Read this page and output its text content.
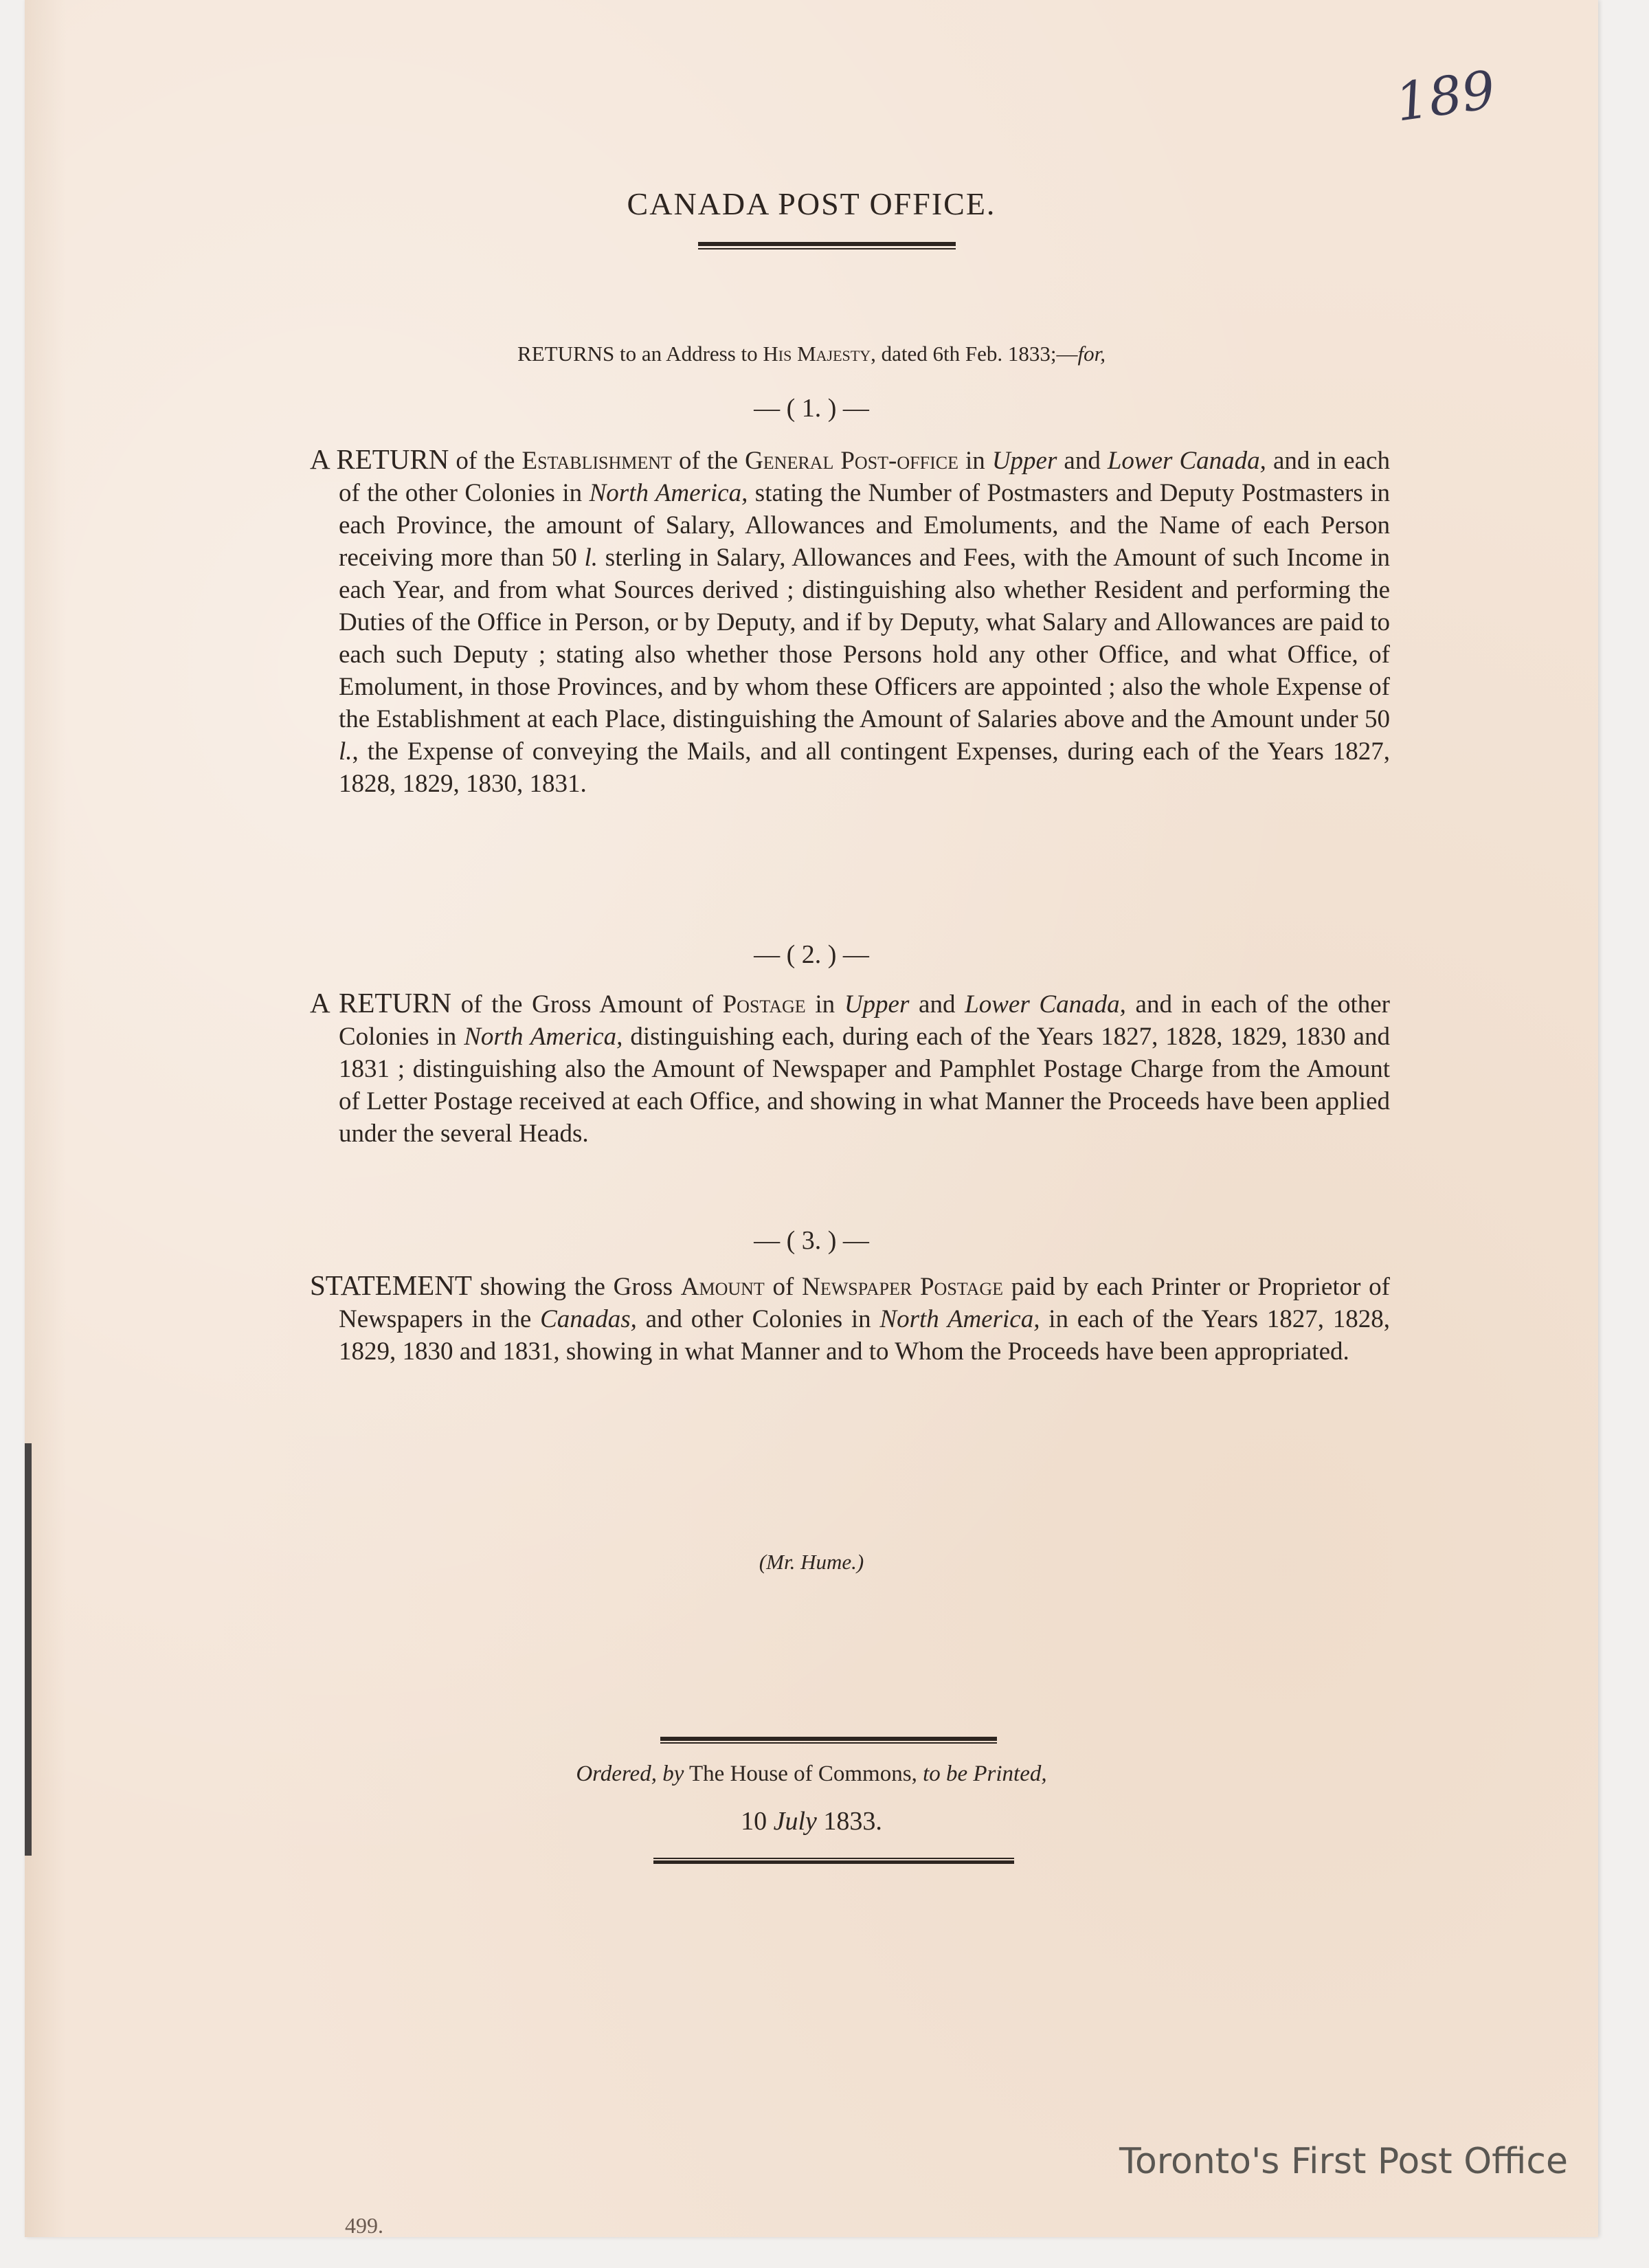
189
CANADA POST OFFICE.
RETURNS to an Address to His Majesty, dated 6th Feb. 1833;—for,
— ( 1. ) —

A RETURN of the Establishment of the General Post-office in Upper and Lower Canada, and in each of the other Colonies in North America, stating the Number of Postmasters and Deputy Postmasters in each Province, the amount of Salary, Allowances and Emoluments, and the Name of each Person receiving more than 50 l. sterling in Salary, Allowances and Fees, with the Amount of such Income in each Year, and from what Sources derived ; distinguishing also whether Resident and performing the Duties of the Office in Person, or by Deputy, and if by Deputy, what Salary and Allowances are paid to each such Deputy ; stating also whether those Persons hold any other Office, and what Office, of Emolument, in those Provinces, and by whom these Officers are appointed ; also the whole Expense of the Establishment at each Place, distinguishing the Amount of Salaries above and the Amount under 50 l., the Expense of conveying the Mails, and all contingent Expenses, during each of the Years 1827, 1828, 1829, 1830, 1831.

— ( 2. ) —

A RETURN of the Gross Amount of Postage in Upper and Lower Canada, and in each of the other Colonies in North America, distinguishing each, during each of the Years 1827, 1828, 1829, 1830 and 1831 ; distinguishing also the Amount of Newspaper and Pamphlet Postage Charge from the Amount of Letter Postage received at each Office, and showing in what Manner the Proceeds have been applied under the several Heads.

— ( 3. ) —

STATEMENT showing the Gross Amount of Newspaper Postage paid by each Printer or Proprietor of Newspapers in the Canadas, and other Colonies in North America, in each of the Years 1827, 1828, 1829, 1830 and 1831, showing in what Manner and to Whom the Proceeds have been appropriated.

(Mr. Hume.)
Ordered, by The House of Commons, to be Printed,
10 July 1833.
499.
Toronto's First Post Office
